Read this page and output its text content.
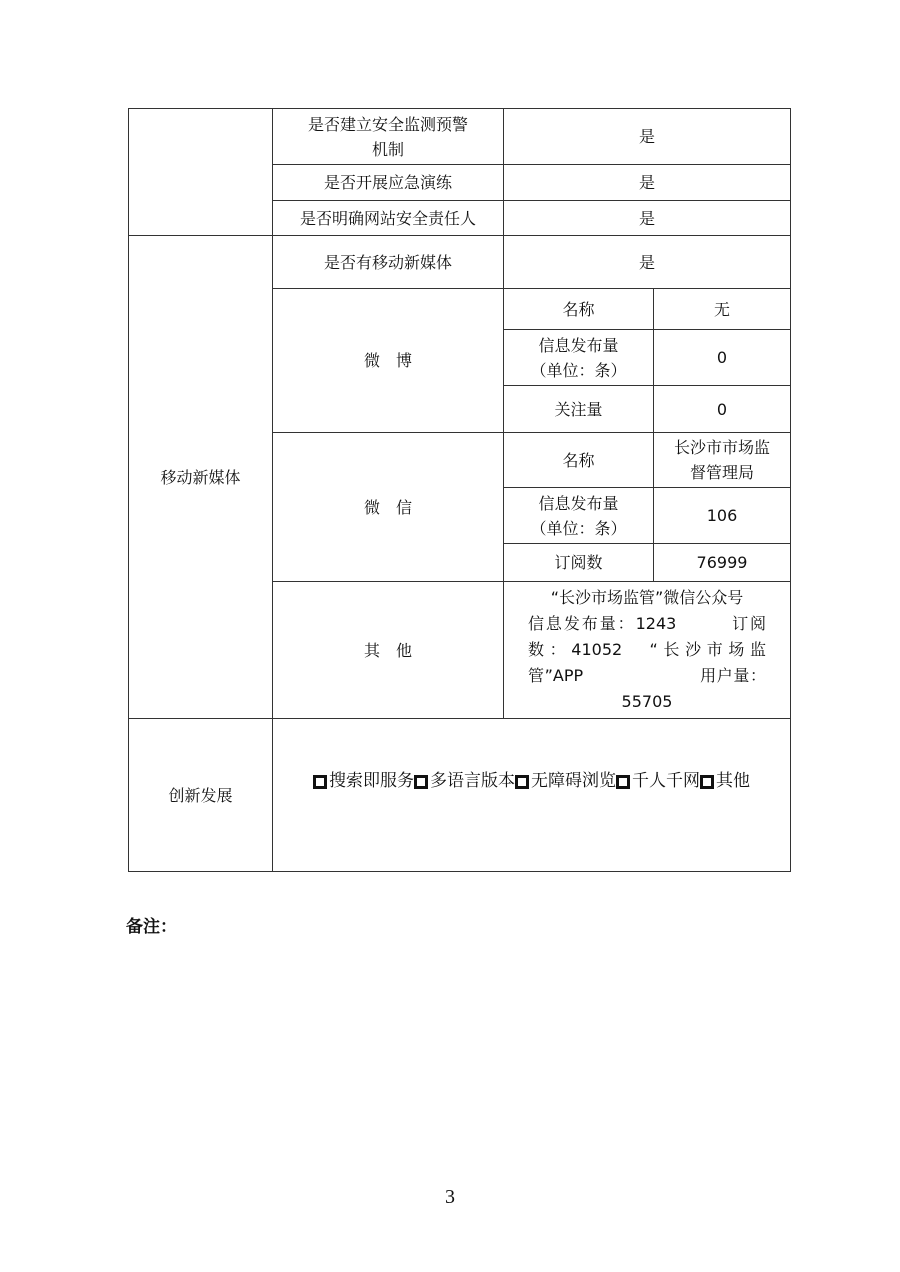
	是否建立安全监测预警
机制	是	
	是否开展应急演练	是	
	是否明确网站安全责任人	是	
移动新媒体	是否有移动新媒体	是	
	微　博	名称	无
		信息发布量
（单位：条）	0
		关注量	0
	微　信	名称	长沙市市场监
督管理局
		信息发布量
（单位：条）	106
		订阅数	76999
	其　他	“长沙市场监管”微信公众号
信息发布量：1243　　　订阅
数：41052　“长沙市场监
管”APP　　　　　　　用户量：
55705	

创新发展	搜索即服务 多语言版本 无障碍浏览 千人千网 其他		
备注：
3
